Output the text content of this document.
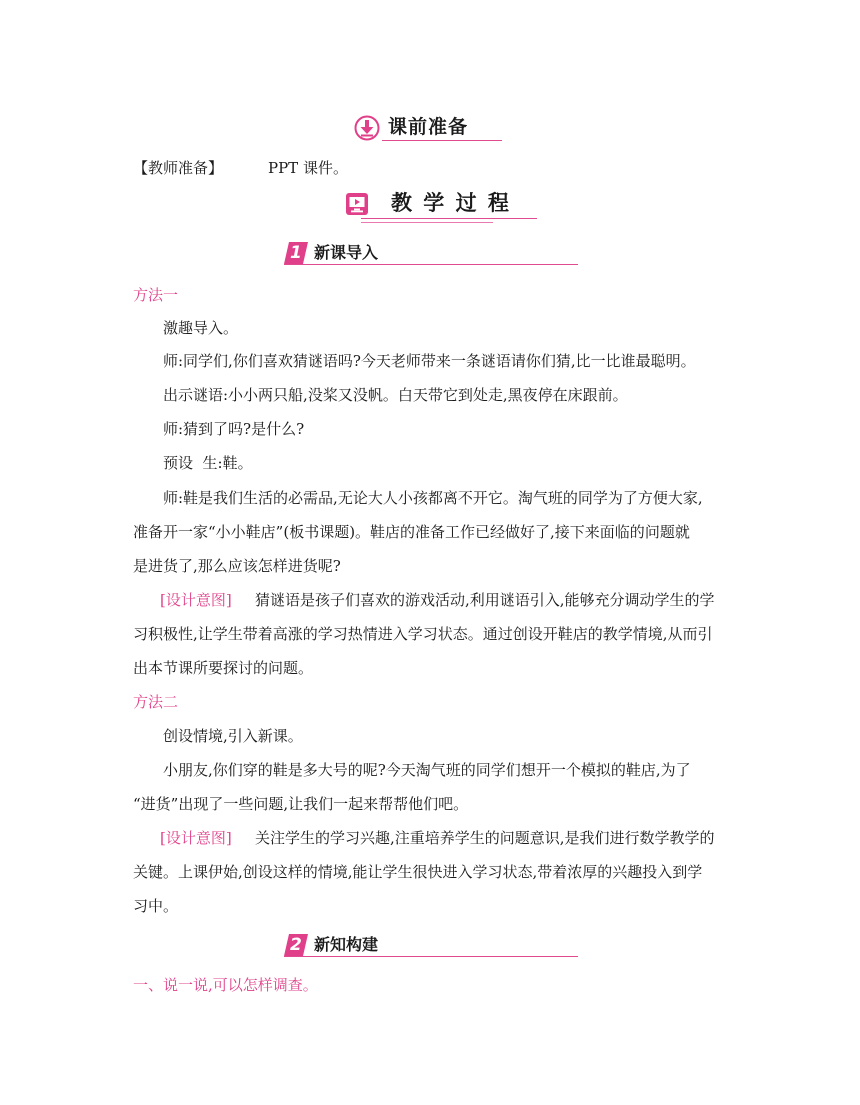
课前准备
【教师准备】	PPT 课件。
教 学 过 程
1 新课导入
方法一
激趣导入。
师:同学们,你们喜欢猜谜语吗?今天老师带来一条谜语请你们猜,比一比谁最聪明。
出示谜语:小小两只船,没桨又没帆。白天带它到处走,黑夜停在床跟前。
师:猜到了吗?是什么?
预设  生:鞋。
师:鞋是我们生活的必需品,无论大人小孩都离不开它。淘气班的同学为了方便大家,
准备开一家“小小鞋店”(板书课题)。鞋店的准备工作已经做好了,接下来面临的问题就
是进货了,那么应该怎样进货呢?
[设计意图] 猜谜语是孩子们喜欢的游戏活动,利用谜语引入,能够充分调动学生的学
习积极性,让学生带着高涨的学习热情进入学习状态。通过创设开鞋店的教学情境,从而引
出本节课所要探讨的问题。
方法二
创设情境,引入新课。
小朋友,你们穿的鞋是多大号的呢?今天淘气班的同学们想开一个模拟的鞋店,为了
“进货”出现了一些问题,让我们一起来帮帮他们吧。
[设计意图] 关注学生的学习兴趣,注重培养学生的问题意识,是我们进行数学教学的
关键。上课伊始,创设这样的情境,能让学生很快进入学习状态,带着浓厚的兴趣投入到学
习中。
2 新知构建
一、说一说,可以怎样调查。
